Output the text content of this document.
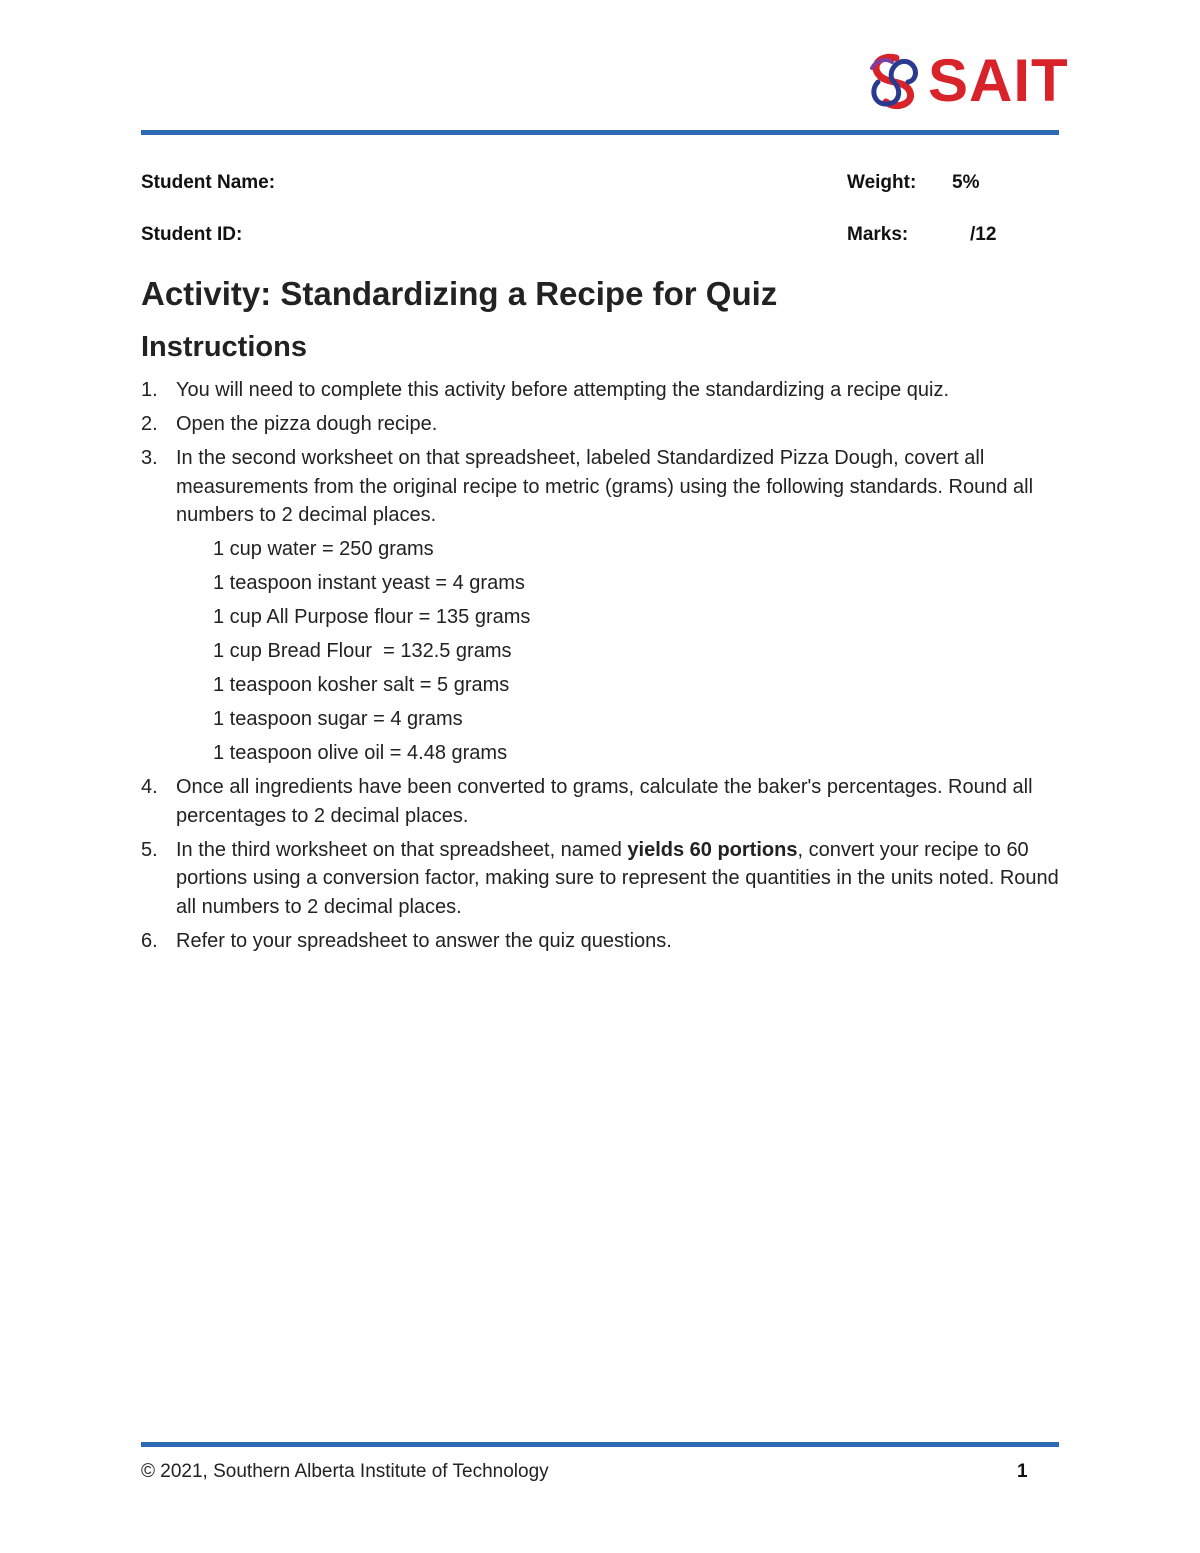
SAIT
Student Name:
Student ID:
Weight: 5%
Marks:	/12
Activity: Standardizing a Recipe for Quiz
Instructions
1. You will need to complete this activity before attempting the standardizing a recipe quiz.
2. Open the pizza dough recipe.
3. In the second worksheet on that spreadsheet, labeled Standardized Pizza Dough, covert all measurements from the original recipe to metric (grams) using the following standards. Round all numbers to 2 decimal places.
1 cup water = 250 grams
1 teaspoon instant yeast = 4 grams
1 cup All Purpose flour = 135 grams
1 cup Bread Flour  = 132.5 grams
1 teaspoon kosher salt = 5 grams
1 teaspoon sugar = 4 grams
1 teaspoon olive oil = 4.48 grams
4. Once all ingredients have been converted to grams, calculate the baker's percentages. Round all percentages to 2 decimal places.
5. In the third worksheet on that spreadsheet, named yields 60 portions, convert your recipe to 60 portions using a conversion factor, making sure to represent the quantities in the units noted. Round all numbers to 2 decimal places.
6. Refer to your spreadsheet to answer the quiz questions.
© 2021, Southern Alberta Institute of Technology	1
